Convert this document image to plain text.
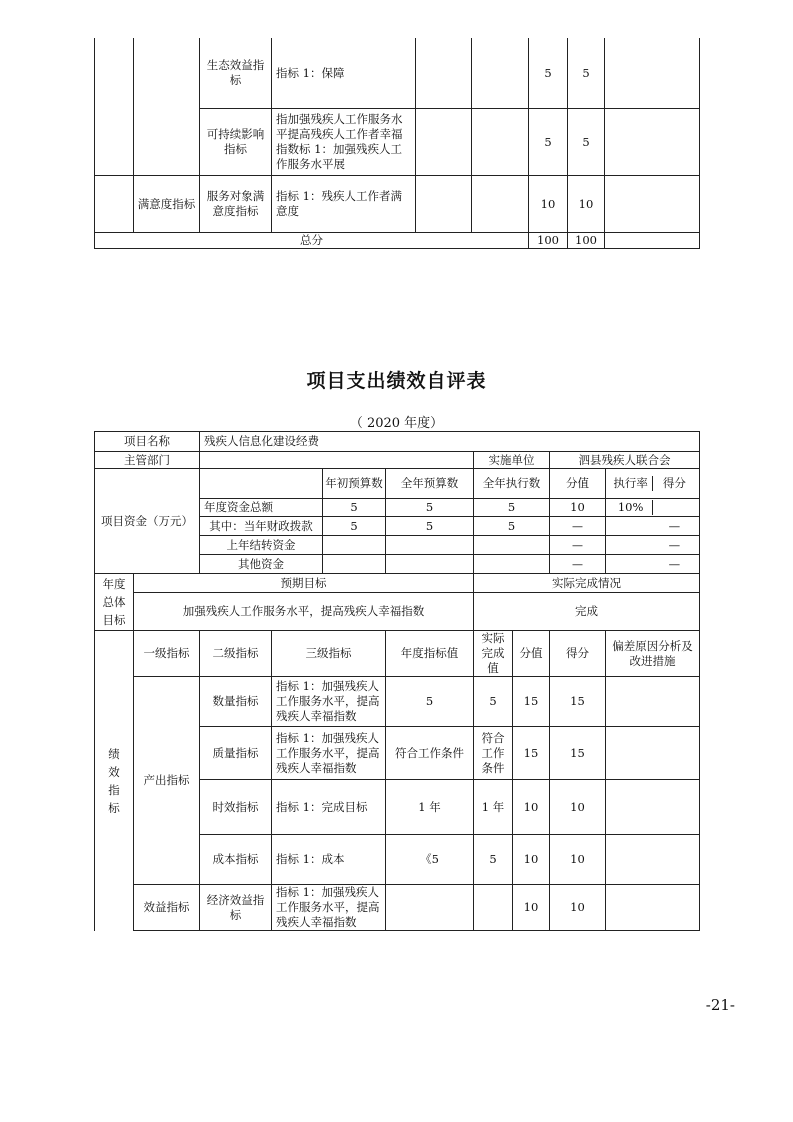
		生态效益指标	指标 1：保障			5	5	
		可持续影响指标	指加强残疾人工作服务水平提高残疾人工作者幸福指数标 1：加强残疾人工作服务水平展			5	5	
	满意度指标	服务对象满意度指标	指标 1：残疾人工作者满意度			10	10	
总分						100	100	
项目支出绩效自评表
（ 2020 年度）
项目名称		残疾人信息化建设经费							
主管部门						实施单位		泗县残疾人联合会	
项目资金（万元）				年初预算数	全年预算数	全年执行数		分值	执行率 得分
		年度资金总额		5	5	5		10	10%
		其中：当年财政拨款		5	5	5		—	—
		上年结转资金						—	—
		其他资金						—	—
年度总体目标	预期目标					实际完成情况			
	加强残疾人工作服务水平，提高残疾人幸福指数					完成			
绩效指标	一级指标	二级指标	三级指标		年度指标值	实际完成值	分值	得分	偏差原因分析及改进措施
	产出指标	数量指标	指标 1：加强残疾人工作服务水平，提高残疾人幸福指数		5	5	15	15	
		质量指标	指标 1：加强残疾人工作服务水平，提高残疾人幸福指数		符合工作条件	符合工作条件	15	15	
		时效指标	指标 1：完成目标		1 年	1 年	10	10	
		成本指标	指标 1：成本		《5	5	10	10	
	效益指标	经济效益指标	指标 1：加强残疾人工作服务水平，提高残疾人幸福指数				10	10	
-21-
